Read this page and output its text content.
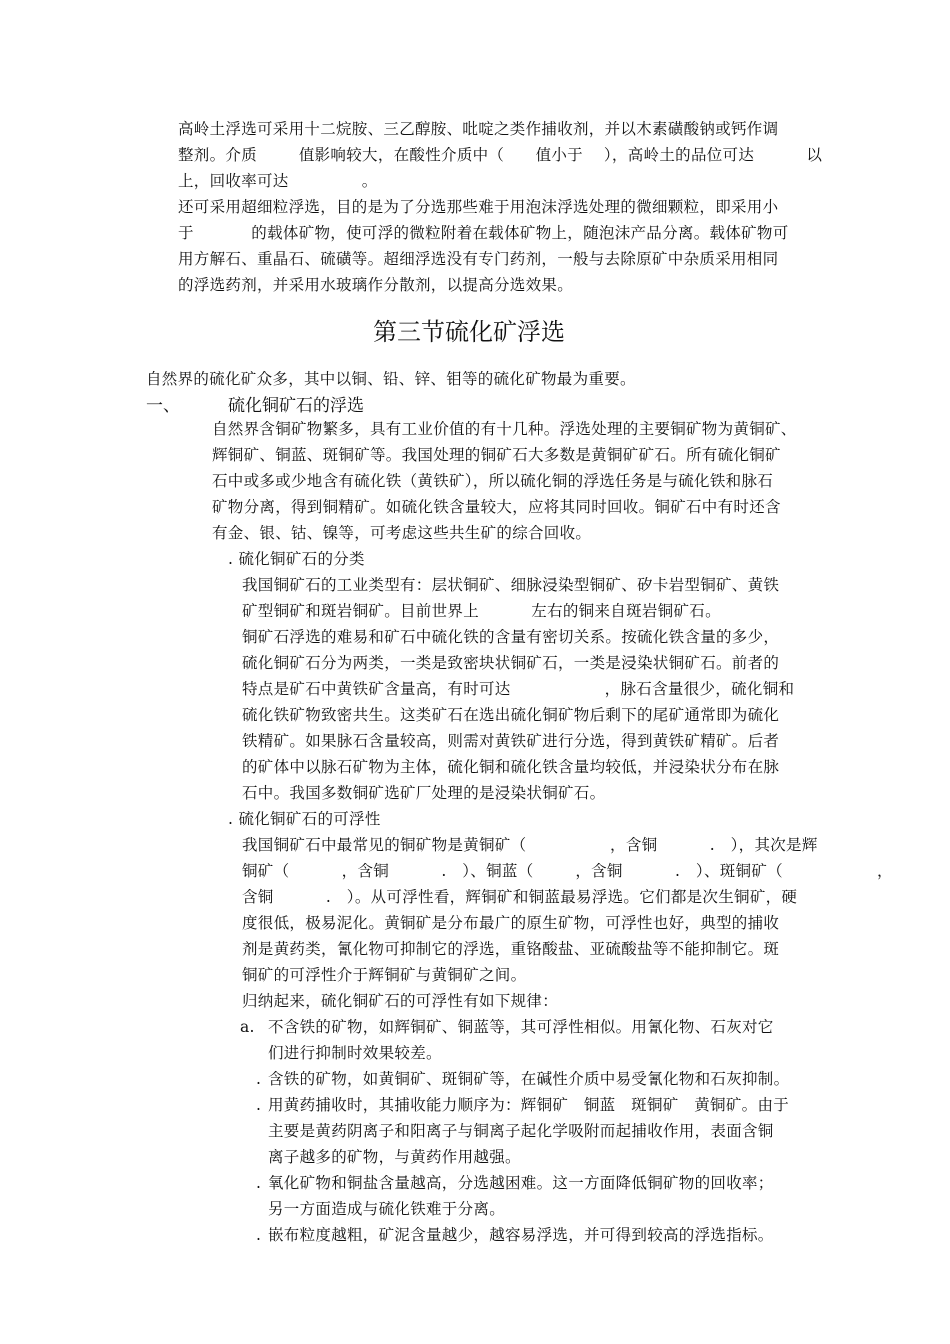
高岭土浮选可采用十二烷胺、三乙醇胺、吡啶之类作捕收剂，并以木素磺酸钠或钙作调
整剂。介质        值影响较大，在酸性介质中（      值小于    ），高岭土的品位可达          以
上，回收率可达              。
还可采用超细粒浮选，目的是为了分选那些难于用泡沫浮选处理的微细颗粒，即采用小
于           的载体矿物，使可浮的微粒附着在载体矿物上，随泡沫产品分离。载体矿物可
用方解石、重晶石、硫磺等。超细浮选没有专门药剂，一般与去除原矿中杂质采用相同
的浮选药剂，并采用水玻璃作分散剂，以提高分选效果。
第三节硫化矿浮选
自然界的硫化矿众多，其中以铜、铅、锌、钼等的硫化矿物最为重要。
一、	硫化铜矿石的浮选
自然界含铜矿物繁多，具有工业价值的有十几种。浮选处理的主要铜矿物为黄铜矿、
辉铜矿、铜蓝、斑铜矿等。我国处理的铜矿石大多数是黄铜矿矿石。所有硫化铜矿
石中或多或少地含有硫化铁（黄铁矿），所以硫化铜的浮选任务是与硫化铁和脉石
矿物分离，得到铜精矿。如硫化铁含量较大，应将其同时回收。铜矿石中有时还含
有金、银、钴、镍等，可考虑这些共生矿的综合回收。
. 硫化铜矿石的分类
我国铜矿石的工业类型有：层状铜矿、细脉浸染型铜矿、矽卡岩型铜矿、黄铁
矿型铜矿和斑岩铜矿。目前世界上          左右的铜来自斑岩铜矿石。
铜矿石浮选的难易和矿石中硫化铁的含量有密切关系。按硫化铁含量的多少，
硫化铜矿石分为两类，一类是致密块状铜矿石，一类是浸染状铜矿石。前者的
特点是矿石中黄铁矿含量高，有时可达                  ，脉石含量很少，硫化铜和
硫化铁矿物致密共生。这类矿石在选出硫化铜矿物后剩下的尾矿通常即为硫化
铁精矿。如果脉石含量较高，则需对黄铁矿进行分选，得到黄铁矿精矿。后者
的矿体中以脉石矿物为主体，硫化铜和硫化铁含量均较低，并浸染状分布在脉
石中。我国多数铜矿选矿厂处理的是浸染状铜矿石。
. 硫化铜矿石的可浮性
我国铜矿石中最常见的铜矿物是黄铜矿（                ，含铜          .   ），其次是辉
铜矿（          ，含铜          .   ）、铜蓝（        ，含铜          .   ）、斑铜矿（                  ，
含铜          .   ）。从可浮性看，辉铜矿和铜蓝最易浮选。它们都是次生铜矿，硬
度很低，极易泥化。黄铜矿是分布最广的原生矿物，可浮性也好，典型的捕收
剂是黄药类，氰化物可抑制它的浮选，重铬酸盐、亚硫酸盐等不能抑制它。斑
铜矿的可浮性介于辉铜矿与黄铜矿之间。
归纳起来，硫化铜矿石的可浮性有如下规律：
a. 不含铁的矿物，如辉铜矿、铜蓝等，其可浮性相似。用氰化物、石灰对它
们进行抑制时效果较差。
. 含铁的矿物，如黄铜矿、斑铜矿等，在碱性介质中易受氰化物和石灰抑制。
. 用黄药捕收时，其捕收能力顺序为：辉铜矿   铜蓝   斑铜矿   黄铜矿。由于
主要是黄药阴离子和阳离子与铜离子起化学吸附而起捕收作用，表面含铜
离子越多的矿物，与黄药作用越强。
. 氧化矿物和铜盐含量越高，分选越困难。这一方面降低铜矿物的回收率；
另一方面造成与硫化铁难于分离。
. 嵌布粒度越粗，矿泥含量越少，越容易浮选，并可得到较高的浮选指标。
